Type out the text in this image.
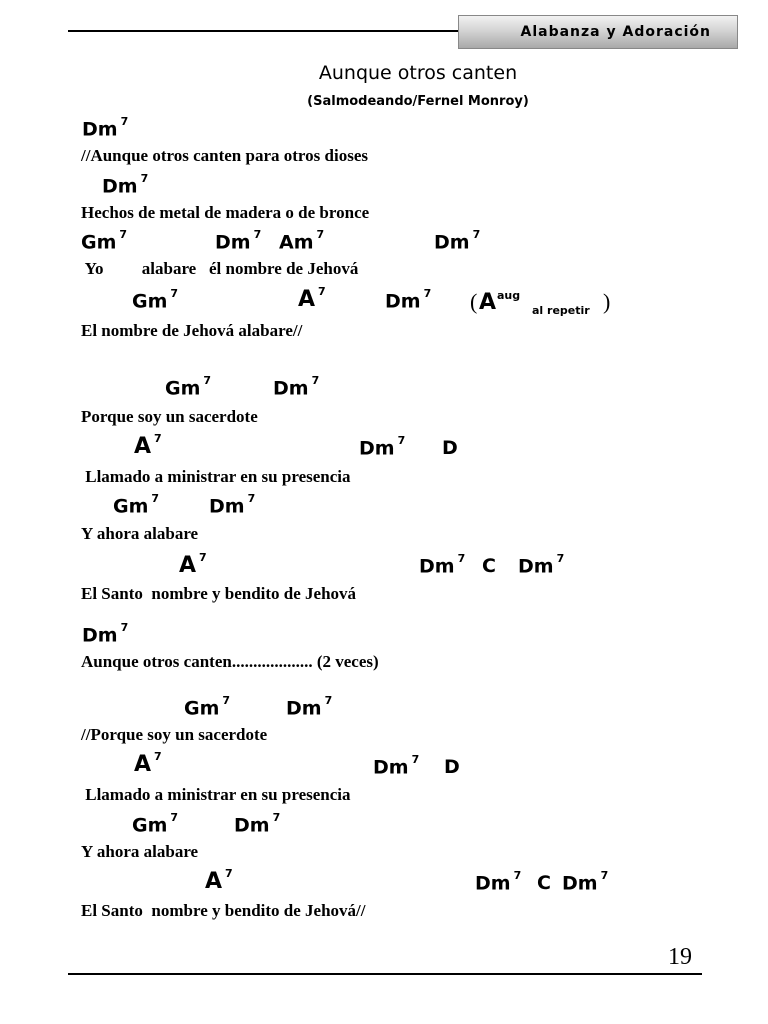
Alabanza y Adoración
Aunque otros canten
(Salmodeando/Fernel Monroy)
Dm $^7$
//Aunque otros canten para otros dioses
Dm $^7$
Hechos de metal de madera o de bronce
Gm $^7$	Dm $^7$ Am $^7$	Dm $^7$
Yo         alabare   él nombre de Jehová
Gm $^7$	A $^7$	Dm $^7$ ( A aug
al repetir )
El nombre de Jehová alabare//
Gm $^7$	Dm $^7$
Porque soy un sacerdote
A $^7$	Dm $^7$ D
Llamado a ministrar en su presencia
Gm $^7$	Dm $^7$
Y ahora alabare
A $^7$	Dm $^7$ C Dm $^7$
El Santo  nombre y bendito de Jehová
Dm $^7$
Aunque otros canten................... (2 veces)
Gm $^7$	Dm $^7$
//Porque soy un sacerdote
A $^7$
Dm $^7$ D
Llamado a ministrar en su presencia
Gm $^7$	Dm $^7$
Y ahora alabare
A $^7$	Dm $^7$ C Dm $^7$
El Santo  nombre y bendito de Jehová//
19
